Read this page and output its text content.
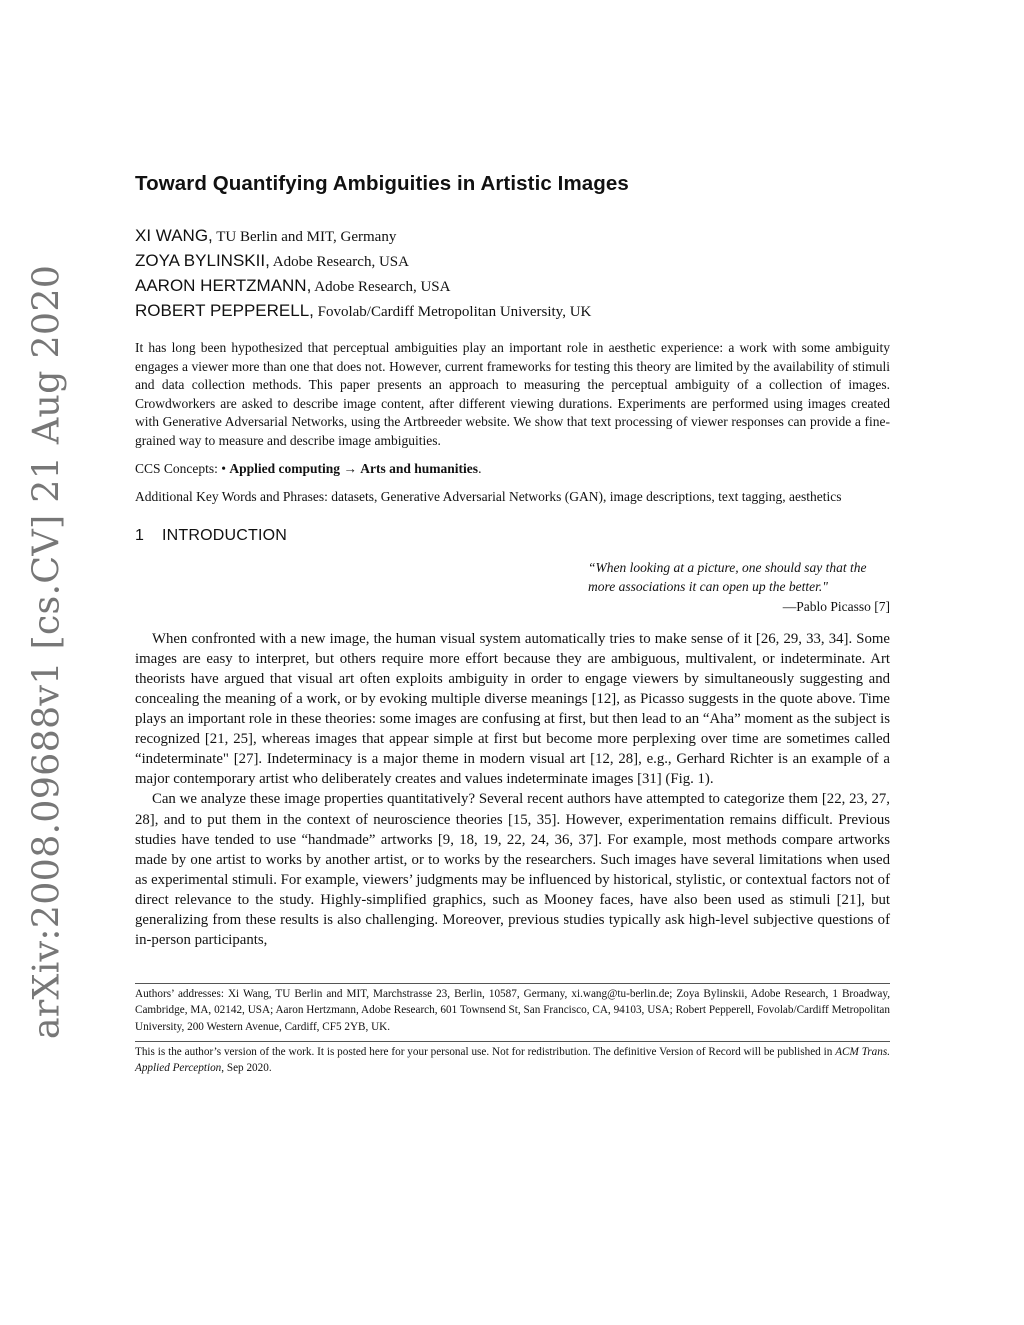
arXiv:2008.09688v1 [cs.CV] 21 Aug 2020
Toward Quantifying Ambiguities in Artistic Images
XI WANG, TU Berlin and MIT, Germany
ZOYA BYLINSKII, Adobe Research, USA
AARON HERTZMANN, Adobe Research, USA
ROBERT PEPPERELL, Fovolab/Cardiff Metropolitan University, UK
It has long been hypothesized that perceptual ambiguities play an important role in aesthetic experience: a work with some ambiguity engages a viewer more than one that does not. However, current frameworks for testing this theory are limited by the availability of stimuli and data collection methods. This paper presents an approach to measuring the perceptual ambiguity of a collection of images. Crowdworkers are asked to describe image content, after different viewing durations. Experiments are performed using images created with Generative Adversarial Networks, using the Artbreeder website. We show that text processing of viewer responses can provide a fine-grained way to measure and describe image ambiguities.
CCS Concepts: • Applied computing → Arts and humanities.
Additional Key Words and Phrases: datasets, Generative Adversarial Networks (GAN), image descriptions, text tagging, aesthetics
1 INTRODUCTION
“When looking at a picture, one should say that the more associations it can open up the better."
—Pablo Picasso [7]

When confronted with a new image, the human visual system automatically tries to make sense of it [26, 29, 33, 34]. Some images are easy to interpret, but others require more effort because they are ambiguous, multivalent, or indeterminate. Art theorists have argued that visual art often exploits ambiguity in order to engage viewers by simultaneously suggesting and concealing the meaning of a work, or by evoking multiple diverse meanings [12], as Picasso suggests in the quote above. Time plays an important role in these theories: some images are confusing at first, but then lead to an “Aha” moment as the subject is recognized [21, 25], whereas images that appear simple at first but become more perplexing over time are sometimes called “indeterminate" [27]. Indeterminacy is a major theme in modern visual art [12, 28], e.g., Gerhard Richter is an example of a major contemporary artist who deliberately creates and values indeterminate images [31] (Fig. 1).

Can we analyze these image properties quantitatively? Several recent authors have attempted to categorize them [22, 23, 27, 28], and to put them in the context of neuroscience theories [15, 35]. However, experimentation remains difficult. Previous studies have tended to use “handmade” artworks [9, 18, 19, 22, 24, 36, 37]. For example, most methods compare artworks made by one artist to works by another artist, or to works by the researchers. Such images have several limitations when used as experimental stimuli. For example, viewers’ judgments may be influenced by historical, stylistic, or contextual factors not of direct relevance to the study. Highly-simplified graphics, such as Mooney faces, have also been used as stimuli [21], but generalizing from these results is also challenging. Moreover, previous studies typically ask high-level subjective questions of in-person participants,

Authors’ addresses: Xi Wang, TU Berlin and MIT, Marchstrasse 23, Berlin, 10587, Germany, xi.wang@tu-berlin.de; Zoya Bylinskii, Adobe Research, 1 Broadway, Cambridge, MA, 02142, USA; Aaron Hertzmann, Adobe Research, 601 Townsend St, San Francisco, CA, 94103, USA; Robert Pepperell, Fovolab/Cardiff Metropolitan University, 200 Western Avenue, Cardiff, CF5 2YB, UK.
This is the author’s version of the work. It is posted here for your personal use. Not for redistribution. The definitive Version of Record will be published in ACM Trans. Applied Perception, Sep 2020.
